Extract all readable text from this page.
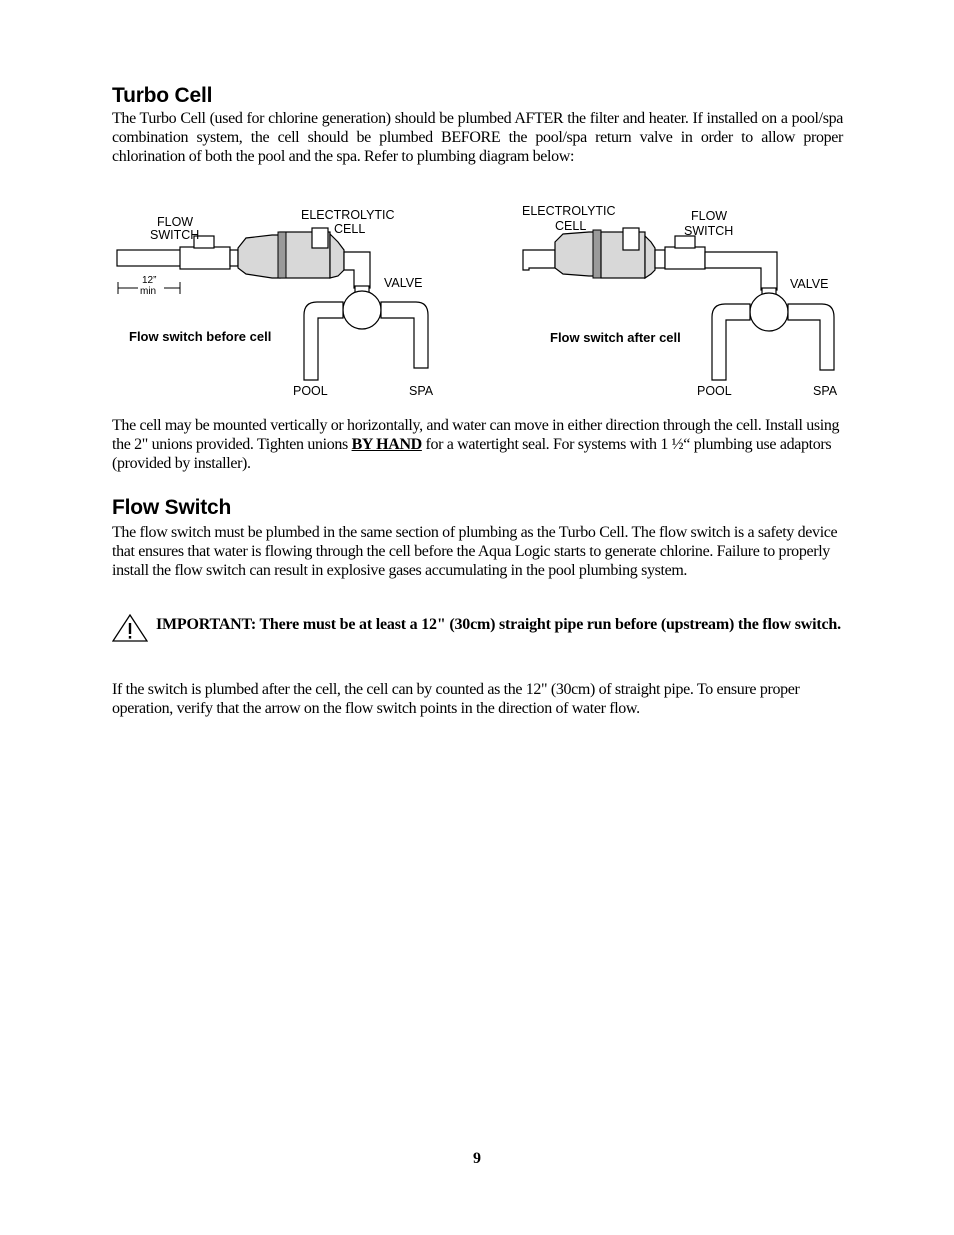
Turbo Cell

The Turbo Cell (used for chlorine generation) should be plumbed AFTER the filter and heater. If installed on a pool/spa combination system, the cell should be plumbed BEFORE the pool/spa return valve in order to allow proper chlorination of both the pool and the spa. Refer to plumbing diagram below:

FLOW
SWITCH
ELECTROLYTIC
CELL
VALVE
POOL	SPA
12”
min
Flow switch before cell
ELECTROLYTIC
CELL
FLOW
SWITCH
VALVE
POOL	SPA
Flow switch after cell

The cell may be mounted vertically or horizontally, and water can move in either direction through the cell. Install using the 2" unions provided. Tighten unions BY HAND for a watertight seal. For systems with 1 ½“ plumbing use adaptors (provided by installer).

Flow Switch

The flow switch must be plumbed in the same section of plumbing as the Turbo Cell. The flow switch is a safety device that ensures that water is flowing through the cell before the Aqua Logic starts to generate chlorine. Failure to properly install the flow switch can result in explosive gases accumulating in the pool plumbing system.

IMPORTANT: There must be at least a 12" (30cm) straight pipe run before (upstream) the flow switch.

If the switch is plumbed after the cell, the cell can by counted as the 12" (30cm) of straight pipe. To ensure proper operation, verify that the arrow on the flow switch points in the direction of water flow.

9
